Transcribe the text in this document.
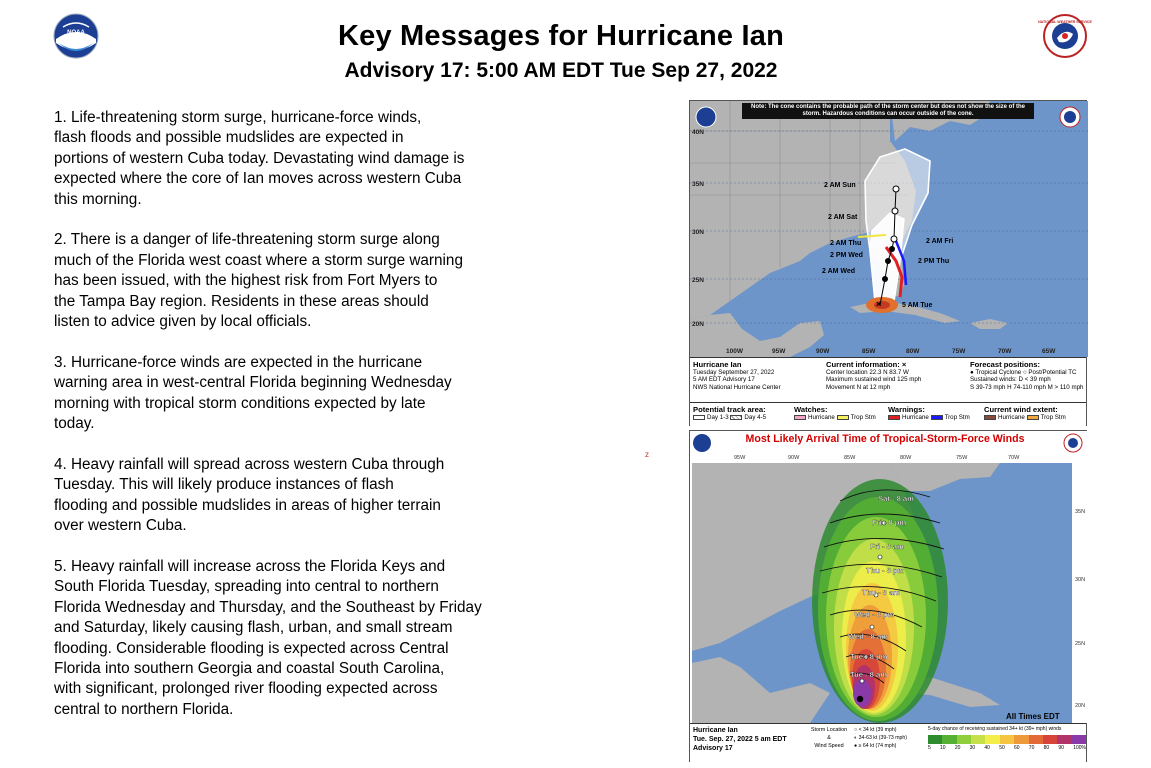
NOAA
NATIONAL WEATHER SERVICE
Key Messages for Hurricane Ian
Advisory 17: 5:00 AM EDT Tue Sep 27, 2022

1. Life-threatening storm surge, hurricane-force winds,
flash floods and possible mudslides are expected in
portions of western Cuba today. Devastating wind damage is
expected where the core of Ian moves across western Cuba
this morning.

2. There is a danger of life-threatening storm surge along
much of the Florida west coast where a storm surge warning
has been issued, with the highest risk from Fort Myers to
the Tampa Bay region. Residents in these areas should
listen to advice given by local officials.

3. Hurricane-force winds are expected in the hurricane
warning area in west-central Florida beginning Wednesday
morning with tropical storm conditions expected by late
today.

4. Heavy rainfall will spread across western Cuba through
Tuesday. This will likely produce instances of flash
flooding and possible mudslides in areas of higher terrain
over western Cuba.

5. Heavy rainfall will increase across the Florida Keys and
South Florida Tuesday, spreading into central to northern
Florida Wednesday and Thursday, and the Southeast by Friday
and Saturday, likely causing flash, urban, and small stream
flooding. Considerable flooding is expected across Central
Florida into southern Georgia and coastal South Carolina,
with significant, prolonged river flooding expected across
central to northern Florida.

z
×
40N
35N
30N
25N
20N
100W	95W	90W	85W	80W	75W	70W	65W
2 AM Sun
2 AM Sat
2 AM Fri
2 AM Thu
2 PM Wed
2 PM Thu
2 AM Wed
5 AM Tue
Note: The cone contains the probable path of the storm center but does not show the size of the storm. Hazardous conditions can occur outside of the cone.
Hurricane Ian
Tuesday September 27, 2022
5 AM EDT Advisory 17
NWS National Hurricane Center
Current information: ×
Center location 22.3 N 83.7 W
Maximum sustained wind 125 mph
Movement N at 12 mph
Forecast positions:
● Tropical Cyclone ○ Post/Potential TC
Sustained winds: D < 39 mph
S 39-73 mph H 74-110 mph M > 110 mph
Potential track area:
Day 1-3	Day 4-5
Watches:
Hurricane	Trop Stm
Warnings:
Hurricane	Trop Stm
Current wind extent:
Hurricane	Trop Stm
Sat - 8 am
Fri - 8 pm
Fri - 8 am
Thu - 8 pm
Thu - 8 am
Wed - 8 pm
Wed - 8 am
Tue - 8 pm
Tue - 8 am
95W	90W	85W	80W	75W	70W
35N
30N
25N
20N
Most Likely Arrival Time of Tropical-Storm-Force Winds
All Times EDT
Hurricane Ian
Tue. Sep. 27, 2022 5 am EDT
Advisory 17
Storm Location
&
Wind Speed
○ < 34 kt (39 mph)
◐ 34-63 kt (39-73 mph)
● ≥ 64 kt (74 mph)
5-day chance of receiving sustained 34+ kt (39+ mph) winds
5 10 20 30 40 50 60 70 80 90 100%
